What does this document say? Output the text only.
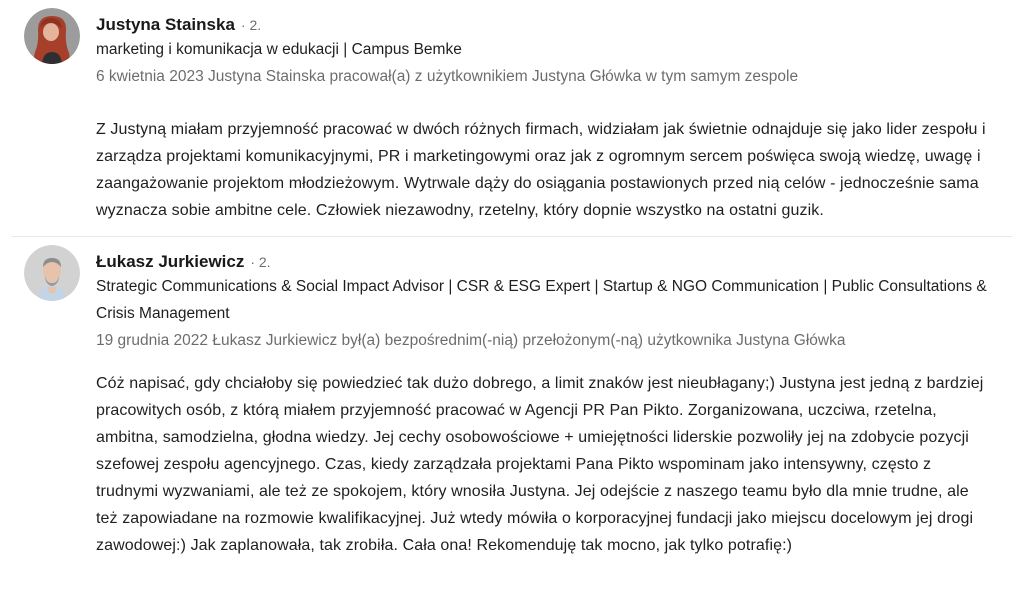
Justyna Stainska · 2.
marketing i komunikacja w edukacji | Campus Bemke
6 kwietnia 2023 Justyna Stainska pracował(a) z użytkownikiem Justyna Główka w tym samym zespole
Z Justyną miałam przyjemność pracować w dwóch różnych firmach, widziałam jak świetnie odnajduje się jako lider zespołu i zarządza projektami komunikacyjnymi, PR i marketingowymi oraz jak z ogromnym sercem poświęca swoją wiedzę, uwagę i zaangażowanie projektom młodzieżowym. Wytrwale dąży do osiągania postawionych przed nią celów - jednocześnie sama wyznacza sobie ambitne cele. Człowiek niezawodny, rzetelny, który dopnie wszystko na ostatni guzik.
Łukasz Jurkiewicz · 2.
Strategic Communications & Social Impact Advisor | CSR & ESG Expert | Startup & NGO Communication | Public Consultations & Crisis Management
19 grudnia 2022 Łukasz Jurkiewicz był(a) bezpośrednim(-nią) przełożonym(-ną) użytkownika Justyna Główka
Cóż napisać, gdy chciałoby się powiedzieć tak dużo dobrego, a limit znaków jest nieubłagany;) Justyna jest jedną z bardziej pracowitych osób, z którą miałem przyjemność pracować w Agencji PR Pan Pikto. Zorganizowana, uczciwa, rzetelna, ambitna, samodzielna, głodna wiedzy. Jej cechy osobowościowe + umiejętności liderskie pozwoliły jej na zdobycie pozycji szefowej zespołu agencyjnego. Czas, kiedy zarządzała projektami Pana Pikto wspominam jako intensywny, często z trudnymi wyzwaniami, ale też ze spokojem, który wnosiła Justyna. Jej odejście z naszego teamu było dla mnie trudne, ale też zapowiadane na rozmowie kwalifikacyjnej. Już wtedy mówiła o korporacyjnej fundacji jako miejscu docelowym jej drogi zawodowej:) Jak zaplanowała, tak zrobiła. Cała ona! Rekomenduję tak mocno, jak tylko potrafię:)
